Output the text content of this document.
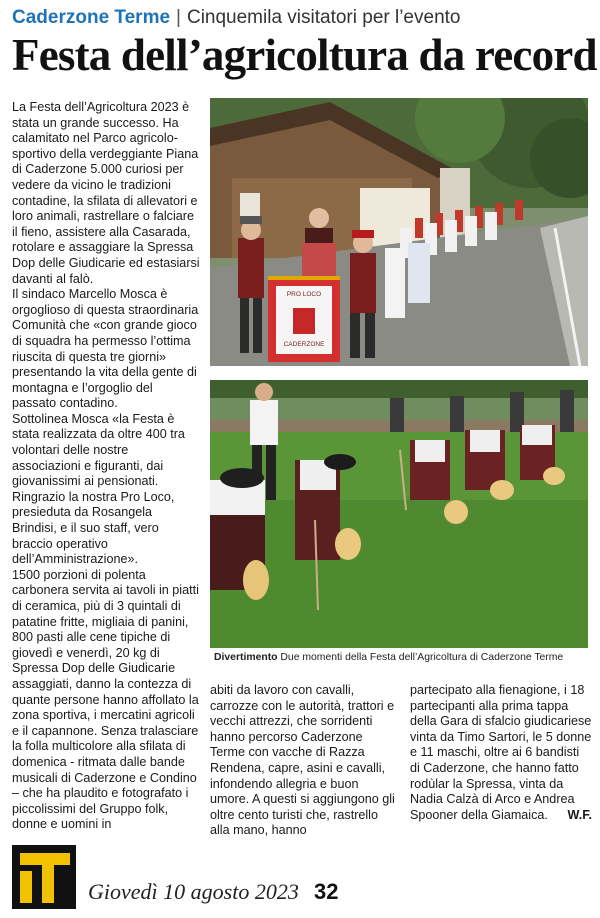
Caderzone Terme | Cinquemila visitatori per l’evento
Festa dell’agricoltura da record

La Festa dell’Agricoltura 2023 è stata un grande successo. Ha calamitato nel Parco agricolo-sportivo della verdeggiante Piana di Caderzone 5.000 curiosi per vedere da vicino le tradizioni contadine, la sfilata di allevatori e loro animali, rastrellare o falciare il fieno, assistere alla Casarada, rotolare e assaggiare la Spressa Dop delle Giudicarie ed estasiarsi davanti al falò.

Il sindaco Marcello Mosca è orgoglioso di questa straordinaria Comunità che «con grande gioco di squadra ha permesso l’ottima riuscita di questa tre giorni» presentando la vita della gente di montagna e l’orgoglio del passato contadino.

Sottolinea Mosca «la Festa è stata realizzata da oltre 400 tra volontari delle nostre associazioni e figuranti, dai giovanissimi ai pensionati. Ringrazio la nostra Pro Loco, presieduta da Rosangela Brindisi, e il suo staff, vero braccio operativo dell’Amministrazione».

1500 porzioni di polenta carbonera servita ai tavoli in piatti di ceramica, più di 3 quintali di patatine fritte, migliaia di panini, 800 pasti alle cene tipiche di giovedì e venerdì, 20 kg di Spressa Dop delle Giudicarie assaggiati, danno la contezza di quante persone hanno affollato la zona sportiva, i mercatini agricoli e il capannone. Senza tralasciare la folla multicolore alla sfilata di domenica - ritmata dalle bande musicali di Caderzone e Condino – che ha plaudito e fotografato i piccolissimi del Gruppo folk, donne e uomini in

PRO LOCO
CADERZONE
Divertimento Due momenti della Festa dell’Agricoltura di Caderzone Terme

abiti da lavoro con cavalli, carrozze con le autorità, trattori e vecchi attrezzi, che sorridenti hanno percorso Caderzone Terme con vacche di Razza Rendena, capre, asini e cavalli, infondendo allegria e buon umore. A questi si aggiungono gli oltre cento turisti che, rastrello alla mano, hanno

partecipato alla fienagione, i 18 partecipanti alla prima tappa della Gara di sfalcio giudicariese vinta da Timo Sartori, le 5 donne e 11 maschi, oltre ai 6 bandisti di Caderzone, che hanno fatto rodùlar la Spressa, vinta da Nadia Calzà di Arco e Andrea Spooner della Giamaica. W.F.

Giovedì 10 agosto 2023 32
